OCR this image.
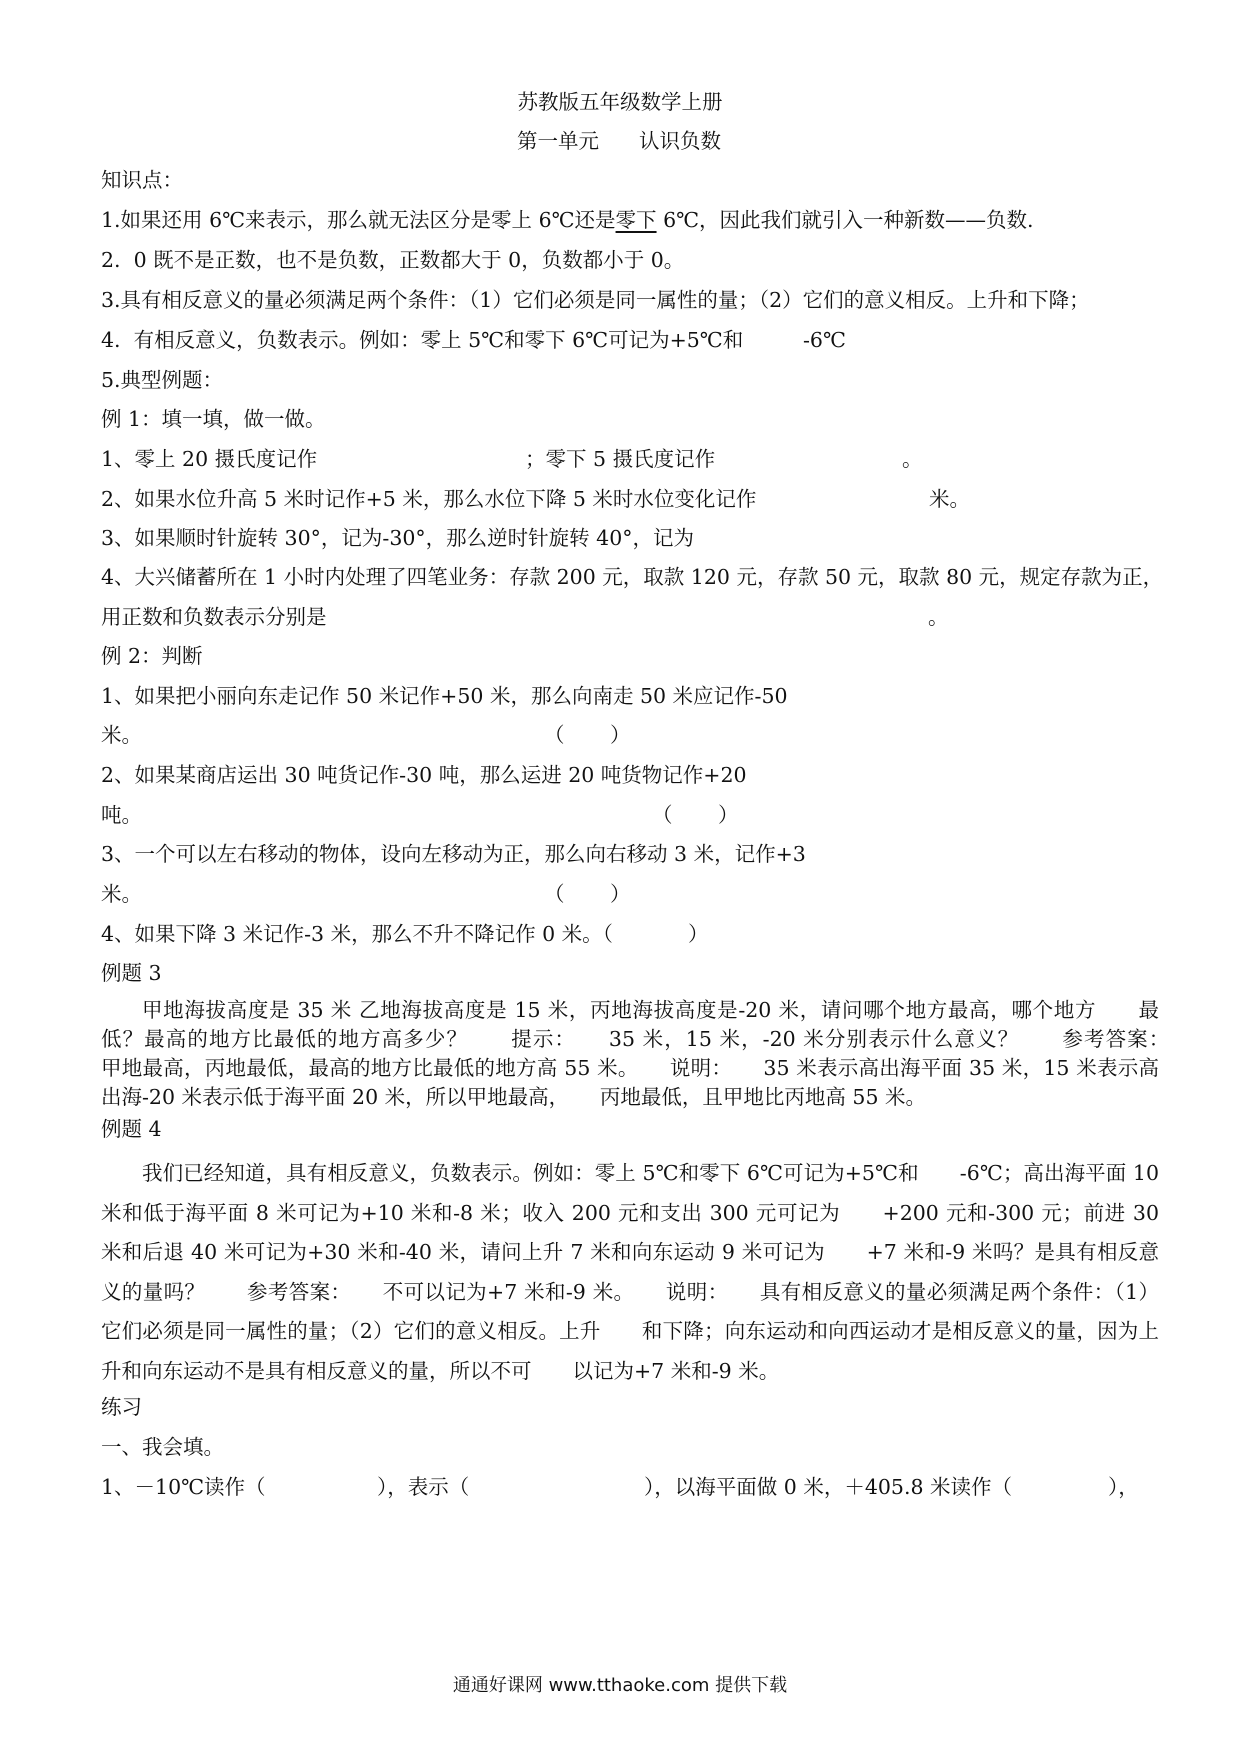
苏教版五年级数学上册
第一单元 认识负数
知识点：
1.如果还用 6℃来表示，那么就无法区分是零上 6℃还是零下 6℃，因此我们就引入一种新数——负数.
2.  0 既不是正数，也不是负数，正数都大于 0，负数都小于 0。
3.具有相反意义的量必须满足两个条件：（1）它们必须是同一属性的量；（2）它们的意义相反。上升和下降；
4.  有相反意义，负数表示。例如：零上 5℃和零下 6℃可记为+5℃和	-6℃
5.典型例题：
例 1：填一填，做一做。
1、零上 20 摄氏度记作	；零下 5 摄氏度记作	。
2、如果水位升高 5 米时记作+5 米，那么水位下降 5 米时水位变化记作	米。
3、如果顺时针旋转 30°，记为-30°，那么逆时针旋转 40°，记为
4、大兴储蓄所在 1 小时内处理了四笔业务：存款 200 元，取款 120 元，存款 50 元，取款 80 元，规定存款为正，
用正数和负数表示分别是	。
例 2：判断
1、如果把小丽向东走记作 50 米记作+50 米，那么向南走 50 米应记作-50
米。	（ ）
2、如果某商店运出 30 吨货记作-30 吨，那么运进 20 吨货物记作+20
吨。	（ ）
3、一个可以左右移动的物体，设向左移动为正，那么向右移动 3 米，记作+3
米。	（ ）
4、如果下降 3 米记作-3 米，那么不升不降记作 0 米。（	）
例题 3
甲地海拔高度是 35 米 乙地海拔高度是 15 米，丙地海拔高度是-20 米，请问哪个地方最高，哪个地方　　最低？最高的地方比最低的地方高多少？　　提示：　　35 米，15 米，-20 米分别表示什么意义？　　参考答案：　　甲地最高，丙地最低，最高的地方比最低的地方高 55 米。　　说明：　　35 米表示高出海平面 35 米，15 米表示高出海-20 米表示低于海平面 20 米，所以甲地最高，　　丙地最低，且甲地比丙地高 55 米。
例题 4
我们已经知道，具有相反意义，负数表示。例如：零上 5℃和零下 6℃可记为+5℃和　　-6℃；高出海平面 10 米和低于海平面 8 米可记为+10 米和-8 米；收入 200 元和支出 300 元可记为　　+200 元和-300 元；前进 30 米和后退 40 米可记为+30 米和-40 米，请问上升 7 米和向东运动 9 米可记为　　+7 米和-9 米吗？是具有相反意义的量吗？　　参考答案：　　不可以记为+7 米和-9 米。　　说明：　　具有相反意义的量必须满足两个条件：（1）它们必须是同一属性的量；（2）它们的意义相反。上升　　和下降；向东运动和向西运动才是相反意义的量，因为上升和向东运动不是具有相反意义的量，所以不可　　以记为+7 米和-9 米。
练习
一、我会填。
1、－10℃读作（	），表示（	），以海平面做 0 米，＋405.8 米读作（	），
通通好课网 www.tthaoke.com 提供下载
